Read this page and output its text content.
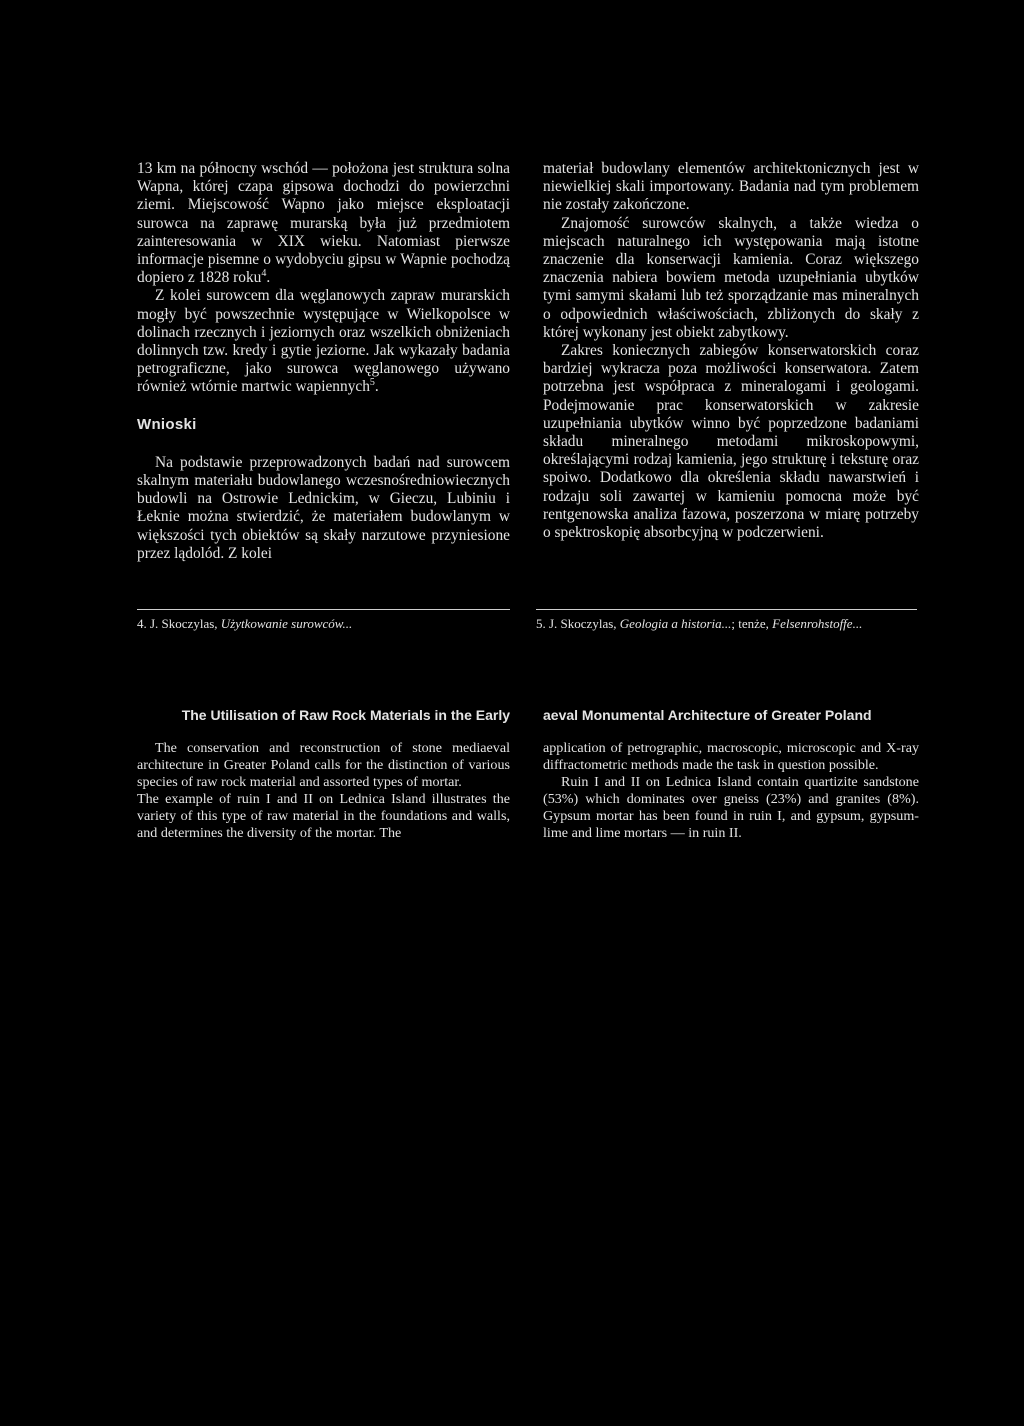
13 km na północny wschód — położona jest struktura solna Wapna, której czapa gipsowa dochodzi do powierzchni ziemi. Miejscowość Wapno jako miejsce eksploatacji surowca na zaprawę murarską była już przedmiotem zainteresowania w XIX wieku. Natomiast pierwsze informacje pisemne o wydobyciu gipsu w Wapnie pochodzą dopiero z 1828 roku$^4$.

Z kolei surowcem dla węglanowych zapraw murarskich mogły być powszechnie występujące w Wielkopolsce w dolinach rzecznych i jeziornych oraz wszelkich obniżeniach dolinnych tzw. kredy i gytie jeziorne. Jak wykazały badania petrograficzne, jako surowca węglanowego używano również wtórnie martwic wapiennych$^5$.

Wnioski

Na podstawie przeprowadzonych badań nad surowcem skalnym materiału budowlanego wczesnośredniowiecznych budowli na Ostrowie Lednickim, w Gieczu, Lubiniu i Łeknie można stwierdzić, że materiałem budowlanym w większości tych obiektów są skały narzutowe przyniesione przez lądolód. Z kolei

materiał budowlany elementów architektonicznych jest w niewielkiej skali importowany. Badania nad tym problemem nie zostały zakończone.

Znajomość surowców skalnych, a także wiedza o miejscach naturalnego ich występowania mają istotne znaczenie dla konserwacji kamienia. Coraz większego znaczenia nabiera bowiem metoda uzupełniania ubytków tymi samymi skałami lub też sporządzanie mas mineralnych o odpowiednich właściwościach, zbliżonych do skały z której wykonany jest obiekt zabytkowy.

Zakres koniecznych zabiegów konserwatorskich coraz bardziej wykracza poza możliwości konserwatora. Zatem potrzebna jest współpraca z mineralogami i geologami. Podejmowanie prac konserwatorskich w zakresie uzupełniania ubytków winno być poprzedzone badaniami składu mineralnego metodami mikroskopowymi, określającymi rodzaj kamienia, jego strukturę i teksturę oraz spoiwo. Dodatkowo dla określenia składu nawarstwień i rodzaju soli zawartej w kamieniu pomocna może być rentgenowska analiza fazowa, poszerzona w miarę potrzeby o spektroskopię absorbcyjną w podczerwieni.

4. J. Skoczylas, Użytkowanie surowców...	5. J. Skoczylas, Geologia a historia...; tenże, Felsenrohstoffe...
The Utilisation of Raw Rock Materials in the Early aeval Monumental Architecture of Greater Poland

The conservation and reconstruction of stone mediaeval architecture in Greater Poland calls for the distinction of various species of raw rock material and assorted types of mortar.

The example of ruin I and II on Lednica Island illustrates the variety of this type of raw material in the foundations and walls, and determines the diversity of the mortar. The

application of petrographic, macroscopic, microscopic and X-ray diffractometric methods made the task in question possible.

Ruin I and II on Lednica Island contain quartizite sandstone (53%) which dominates over gneiss (23%) and granites (8%). Gypsum mortar has been found in ruin I, and gypsum, gypsum-lime and lime mortars — in ruin II.
